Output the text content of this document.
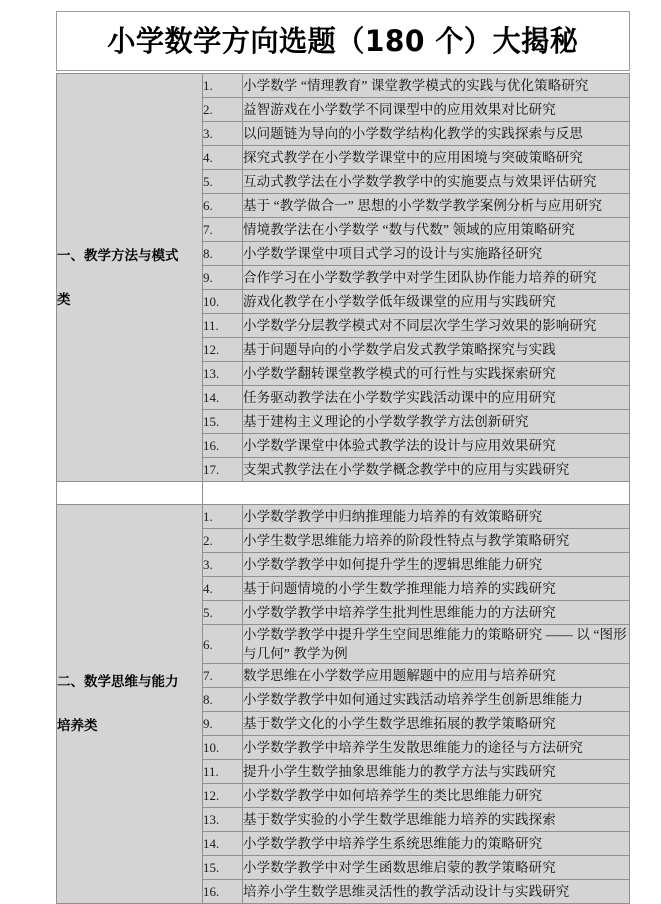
小学数学方向选题（180 个）大揭秘
一、教学方法与模式
类	1.	小学数学 “情理教育” 课堂教学模式的实践与优化策略研究
	2.	益智游戏在小学数学不同课型中的应用效果对比研究
	3.	以问题链为导向的小学数学结构化教学的实践探索与反思
	4.	探究式教学在小学数学课堂中的应用困境与突破策略研究
	5.	互动式教学法在小学数学教学中的实施要点与效果评估研究
	6.	基于 “教学做合一” 思想的小学数学教学案例分析与应用研究
	7.	情境教学法在小学数学 “数与代数” 领域的应用策略研究
	8.	小学数学课堂中项目式学习的设计与实施路径研究
	9.	合作学习在小学数学教学中对学生团队协作能力培养的研究
	10.	游戏化教学在小学数学低年级课堂的应用与实践研究
	11.	小学数学分层教学模式对不同层次学生学习效果的影响研究
	12.	基于问题导向的小学数学启发式教学策略探究与实践
	13.	小学数学翻转课堂教学模式的可行性与实践探索研究
	14.	任务驱动教学法在小学数学实践活动课中的应用研究
	15.	基于建构主义理论的小学数学教学方法创新研究
	16.	小学数学课堂中体验式教学法的设计与应用效果研究
	17.	支架式教学法在小学数学概念教学中的应用与实践研究

二、数学思维与能力
培养类	1.	小学数学教学中归纳推理能力培养的有效策略研究
	2.	小学生数学思维能力培养的阶段性特点与教学策略研究
	3.	小学数学教学中如何提升学生的逻辑思维能力研究
	4.	基于问题情境的小学生数学推理能力培养的实践研究
	5.	小学数学教学中培养学生批判性思维能力的方法研究
	6.	小学数学教学中提升学生空间思维能力的策略研究 —— 以 “图形与几何” 教学为例
	7.	数学思维在小学数学应用题解题中的应用与培养研究
	8.	小学数学教学中如何通过实践活动培养学生创新思维能力
	9.	基于数学文化的小学生数学思维拓展的教学策略研究
	10.	小学数学教学中培养学生发散思维能力的途径与方法研究
	11.	提升小学生数学抽象思维能力的教学方法与实践研究
	12.	小学数学教学中如何培养学生的类比思维能力研究
	13.	基于数学实验的小学生数学思维能力培养的实践探索
	14.	小学数学教学中培养学生系统思维能力的策略研究
	15.	小学数学教学中对学生函数思维启蒙的教学策略研究
	16.	培养小学生数学思维灵活性的教学活动设计与实践研究
